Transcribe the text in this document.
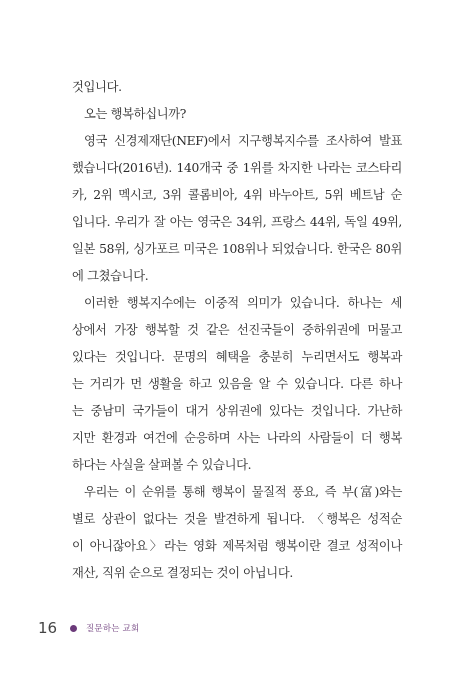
것입니다.
오는 행복하십니까?
영국 신경제재단(NEF)에서 지구행복지수를 조사하여 발표
했습니다(2016년). 140개국 중 1위를 차지한 나라는 코스타리
카, 2위 멕시코, 3위 콜롬비아, 4위 바누아트, 5위 베트남 순
입니다. 우리가 잘 아는 영국은 34위, 프랑스 44위, 독일 49위,
일본 58위, 싱가포르 미국은 108위나 되었습니다. 한국은 80위
에 그쳤습니다.
이러한 행복지수에는 이중적 의미가 있습니다. 하나는 세
상에서 가장 행복할 것 같은 선진국들이 중하위권에 머물고
있다는 것입니다. 문명의 혜택을 충분히 누리면서도 행복과
는 거리가 먼 생활을 하고 있음을 알 수 있습니다. 다른 하나
는 중남미 국가들이 대거 상위권에 있다는 것입니다. 가난하
지만 환경과 여건에 순응하며 사는 나라의 사람들이 더 행복
하다는 사실을 살펴볼 수 있습니다.
우리는 이 순위를 통해 행복이 물질적 풍요, 즉 부(富)와는
별로 상관이 없다는 것을 발견하게 됩니다. 〈행복은 성적순
이 아니잖아요〉라는 영화 제목처럼 행복이란 결코 성적이나
재산, 직위 순으로 결정되는 것이 아닙니다.
16	질문하는 교회
